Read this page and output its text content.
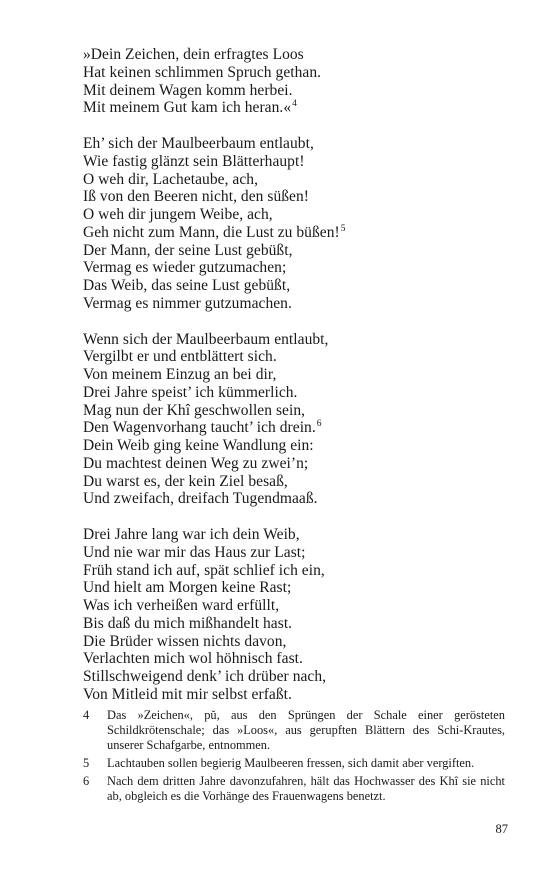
»Dein Zeichen, dein erfragtes Loos
Hat keinen schlimmen Spruch gethan.
Mit deinem Wagen komm herbei.
Mit meinem Gut kam ich heran.«$^4$
Eh’ sich der Maulbeerbaum entlaubt,
Wie fastig glänzt sein Blätterhaupt!
O weh dir, Lachetaube, ach,
Iß von den Beeren nicht, den süßen!
O weh dir jungem Weibe, ach,
Geh nicht zum Mann, die Lust zu büßen!$^5$
Der Mann, der seine Lust gebüßt,
Vermag es wieder gutzumachen;
Das Weib, das seine Lust gebüßt,
Vermag es nimmer gutzumachen.
Wenn sich der Maulbeerbaum entlaubt,
Vergilbt er und entblättert sich.
Von meinem Einzug an bei dir,
Drei Jahre speist’ ich kümmerlich.
Mag nun der Khî geschwollen sein,
Den Wagenvorhang taucht’ ich drein.$^6$
Dein Weib ging keine Wandlung ein:
Du machtest deinen Weg zu zwei’n;
Du warst es, der kein Ziel besaß,
Und zweifach, dreifach Tugendmaaß.
Drei Jahre lang war ich dein Weib,
Und nie war mir das Haus zur Last;
Früh stand ich auf, spät schlief ich ein,
Und hielt am Morgen keine Rast;
Was ich verheißen ward erfüllt,
Bis daß du mich mißhandelt hast.
Die Brüder wissen nichts davon,
Verlachten mich wol höhnisch fast.
Stillschweigend denk’ ich drüber nach,
Von Mitleid mit mir selbst erfaßt.
4	Das »Zeichen«, pŭ, aus den Sprüngen der Schale einer gerösteten Schildkrötenschale; das »Loos«, aus gerupften Blättern des Schi-Krautes, unserer Schafgarbe, entnommen.
5	Lachtauben sollen begierig Maulbeeren fressen, sich damit aber vergiften.
6	Nach dem dritten Jahre davonzufahren, hält das Hochwasser des Khî sie nicht ab, obgleich es die Vorhänge des Frauenwagens benetzt.
87
